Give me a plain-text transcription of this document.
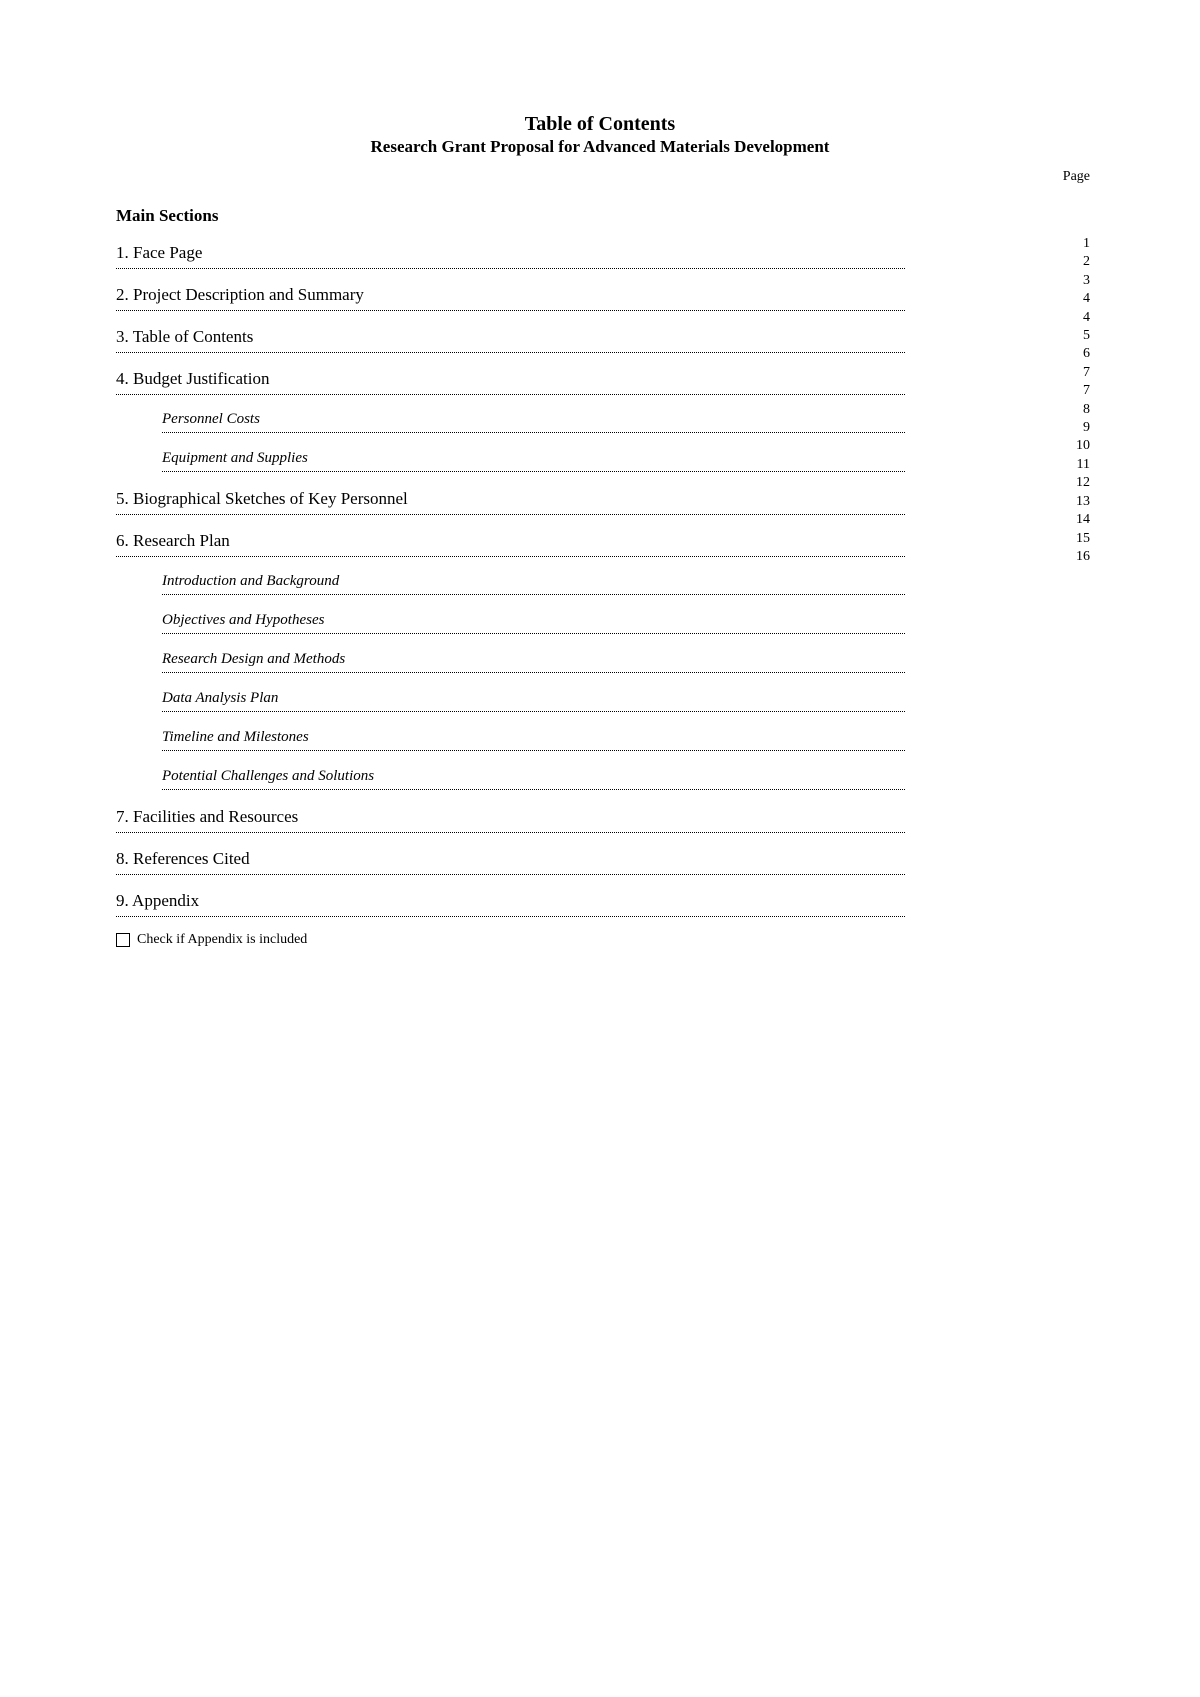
Table of Contents
Research Grant Proposal for Advanced Materials Development
Page
Main Sections
1. Face Page
2. Project Description and Summary
3. Table of Contents
4. Budget Justification
Personnel Costs
Equipment and Supplies
5. Biographical Sketches of Key Personnel
6. Research Plan
Introduction and Background
Objectives and Hypotheses
Research Design and Methods
Data Analysis Plan
Timeline and Milestones
Potential Challenges and Solutions
7. Facilities and Resources
8. References Cited
9. Appendix
1
2
3
4
4
5
6
7
7
8
9
10
11
12
13
14
15
16
Check if Appendix is included
